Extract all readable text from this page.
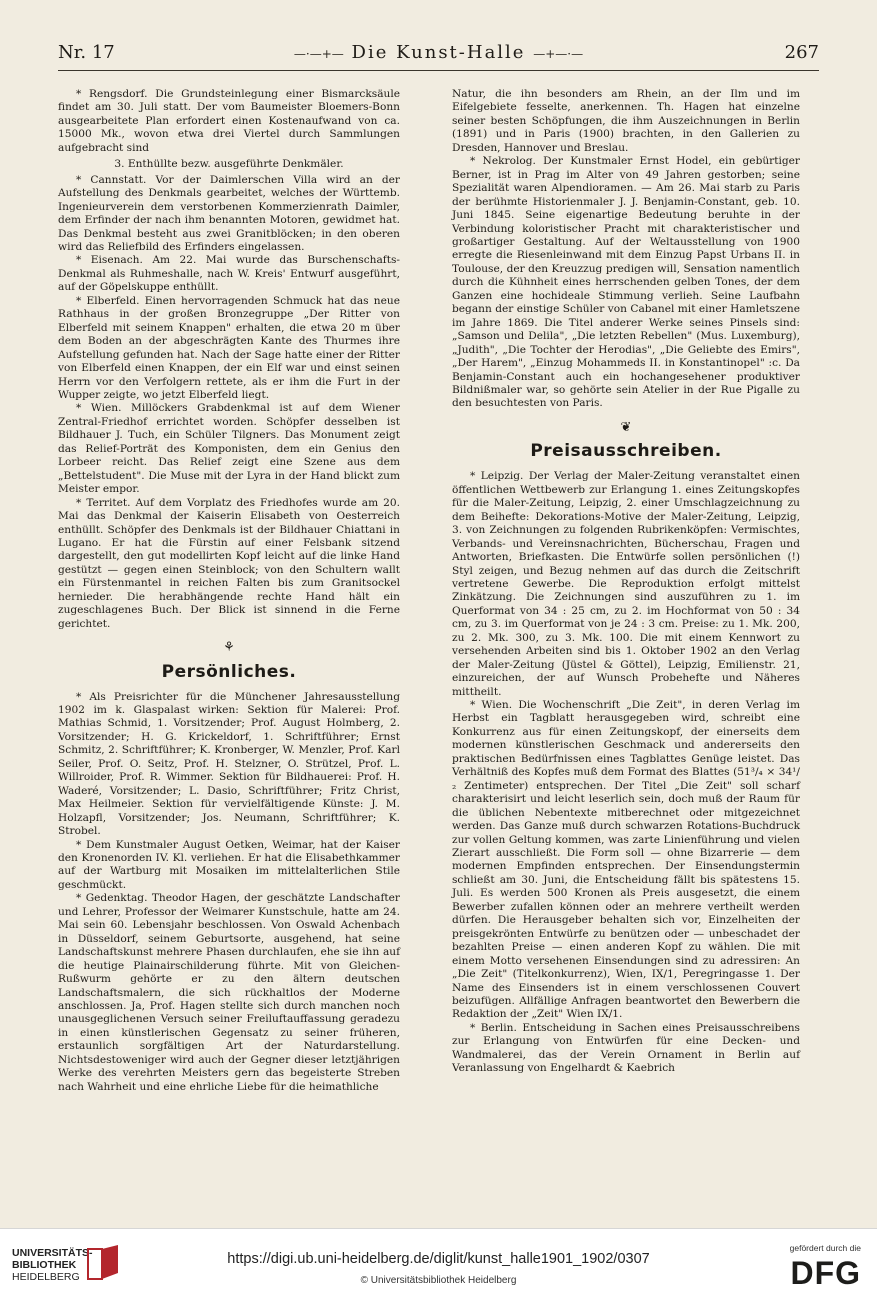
Nr. 17	—·—+— Die Kunst-Halle —+—·—	267

* Rengsdorf. Die Grundsteinlegung einer Bismarcksäule findet am 30. Juli statt. Der vom Baumeister Bloemers-Bonn ausgearbeitete Plan erfordert einen Kostenaufwand von ca. 15000 Mk., wovon etwa drei Viertel durch Sammlungen aufgebracht sind

3. Enthüllte bezw. ausgeführte Denkmäler.

* Cannstatt. Vor der Daimlerschen Villa wird an der Aufstellung des Denkmals gearbeitet, welches der Württemb. Ingenieurverein dem verstorbenen Kommerzienrath Daimler, dem Erfinder der nach ihm benannten Motoren, gewidmet hat. Das Denkmal besteht aus zwei Granitblöcken; in den oberen wird das Reliefbild des Erfinders eingelassen.

* Eisenach. Am 22. Mai wurde das Burschenschafts-Denkmal als Ruhmeshalle, nach W. Kreis' Entwurf ausgeführt, auf der Göpelskuppe enthüllt.

* Elberfeld. Einen hervorragenden Schmuck hat das neue Rathhaus in der großen Bronzegruppe „Der Ritter von Elberfeld mit seinem Knappen" erhalten, die etwa 20 m über dem Boden an der abgeschrägten Kante des Thurmes ihre Aufstellung gefunden hat. Nach der Sage hatte einer der Ritter von Elberfeld einen Knappen, der ein Elf war und einst seinen Herrn vor den Verfolgern rettete, als er ihm die Furt in der Wupper zeigte, wo jetzt Elberfeld liegt.

* Wien. Millöckers Grabdenkmal ist auf dem Wiener Zentral-Friedhof errichtet worden. Schöpfer desselben ist Bildhauer J. Tuch, ein Schüler Tilgners. Das Monument zeigt das Relief-Porträt des Komponisten, dem ein Genius den Lorbeer reicht. Das Relief zeigt eine Szene aus dem „Bettelstudent". Die Muse mit der Lyra in der Hand blickt zum Meister empor.

* Territet. Auf dem Vorplatz des Friedhofes wurde am 20. Mai das Denkmal der Kaiserin Elisabeth von Oesterreich enthüllt. Schöpfer des Denkmals ist der Bildhauer Chiattani in Lugano. Er hat die Fürstin auf einer Felsbank sitzend dargestellt, den gut modellirten Kopf leicht auf die linke Hand gestützt — gegen einen Steinblock; von den Schultern wallt ein Fürstenmantel in reichen Falten bis zum Granitsockel hernieder. Die herabhängende rechte Hand hält ein zugeschlagenes Buch. Der Blick ist sinnend in die Ferne gerichtet.

⚘

Persönliches.

* Als Preisrichter für die Münchener Jahresausstellung 1902 im k. Glaspalast wirken: Sektion für Malerei: Prof. Mathias Schmid, 1. Vorsitzender; Prof. August Holmberg, 2. Vorsitzender; H. G. Krickeldorf, 1. Schriftführer; Ernst Schmitz, 2. Schriftführer; K. Kronberger, W. Menzler, Prof. Karl Seiler, Prof. O. Seitz, Prof. H. Stelzner, O. Strützel, Prof. L. Willroider, Prof. R. Wimmer. Sektion für Bildhauerei: Prof. H. Waderé, Vorsitzender; L. Dasio, Schriftführer; Fritz Christ, Max Heilmeier. Sektion für vervielfältigende Künste: J. M. Holzapfl, Vorsitzender; Jos. Neumann, Schriftführer; K. Strobel.

* Dem Kunstmaler August Oetken, Weimar, hat der Kaiser den Kronenorden IV. Kl. verliehen. Er hat die Elisabethkammer auf der Wartburg mit Mosaiken im mittelalterlichen Stile geschmückt.

* Gedenktag. Theodor Hagen, der geschätzte Landschafter und Lehrer, Professor der Weimarer Kunstschule, hatte am 24. Mai sein 60. Lebensjahr beschlossen. Von Oswald Achenbach in Düsseldorf, seinem Geburtsorte, ausgehend, hat seine Landschaftskunst mehrere Phasen durchlaufen, ehe sie ihn auf die heutige Plainairschilderung führte. Mit von Gleichen-Rußwurm gehörte er zu den ältern deutschen Landschaftsmalern, die sich rückhaltlos der Moderne anschlossen. Ja, Prof. Hagen stellte sich durch manchen noch unausgeglichenen Versuch seiner Freiluftauffassung geradezu in einen künstlerischen Gegensatz zu seiner früheren, erstaunlich sorgfältigen Art der Naturdarstellung. Nichtsdestoweniger wird auch der Gegner dieser letztjährigen Werke des verehrten Meisters gern das begeisterte Streben nach Wahrheit und eine ehrliche Liebe für die heimathliche

Natur, die ihn besonders am Rhein, an der Ilm und im Eifelgebiete fesselte, anerkennen. Th. Hagen hat einzelne seiner besten Schöpfungen, die ihm Auszeichnungen in Berlin (1891) und in Paris (1900) brachten, in den Gallerien zu Dresden, Hannover und Breslau.

* Nekrolog. Der Kunstmaler Ernst Hodel, ein gebürtiger Berner, ist in Prag im Alter von 49 Jahren gestorben; seine Spezialität waren Alpendioramen. — Am 26. Mai starb zu Paris der berühmte Historienmaler J. J. Benjamin-Constant, geb. 10. Juni 1845. Seine eigenartige Bedeutung beruhte in der Verbindung koloristischer Pracht mit charakteristischer und großartiger Gestaltung. Auf der Weltausstellung von 1900 erregte die Riesenleinwand mit dem Einzug Papst Urbans II. in Toulouse, der den Kreuzzug predigen will, Sensation namentlich durch die Kühnheit eines herrschenden gelben Tones, der dem Ganzen eine hochideale Stimmung verlieh. Seine Laufbahn begann der einstige Schüler von Cabanel mit einer Hamletszene im Jahre 1869. Die Titel anderer Werke seines Pinsels sind: „Samson und Delila", „Die letzten Rebellen" (Mus. Luxemburg), „Judith", „Die Tochter der Herodias", „Die Geliebte des Emirs", „Der Harem", „Einzug Mohammeds II. in Konstantinopel" :c. Da Benjamin-Constant auch ein hochangesehener produktiver Bildnißmaler war, so gehörte sein Atelier in der Rue Pigalle zu den besuchtesten von Paris.

❦

Preisausschreiben.

* Leipzig. Der Verlag der Maler-Zeitung veranstaltet einen öffentlichen Wettbewerb zur Erlangung 1. eines Zeitungskopfes für die Maler-Zeitung, Leipzig, 2. einer Umschlagzeichnung zu dem Beihefte: Dekorations-Motive der Maler-Zeitung, Leipzig, 3. von Zeichnungen zu folgenden Rubrikenköpfen: Vermischtes, Verbands- und Vereinsnachrichten, Bücherschau, Fragen und Antworten, Briefkasten. Die Entwürfe sollen persönlichen (!) Styl zeigen, und Bezug nehmen auf das durch die Zeitschrift vertretene Gewerbe. Die Reproduktion erfolgt mittelst Zinkätzung. Die Zeichnungen sind auszuführen zu 1. im Querformat von 34 : 25 cm, zu 2. im Hochformat von 50 : 34 cm, zu 3. im Querformat von je 24 : 3 cm. Preise: zu 1. Mk. 200, zu 2. Mk. 300, zu 3. Mk. 100. Die mit einem Kennwort zu versehenden Arbeiten sind bis 1. Oktober 1902 an den Verlag der Maler-Zeitung (Jüstel & Göttel), Leipzig, Emilienstr. 21, einzureichen, der auf Wunsch Probehefte und Näheres mittheilt.

* Wien. Die Wochenschrift „Die Zeit", in deren Verlag im Herbst ein Tagblatt herausgegeben wird, schreibt eine Konkurrenz aus für einen Zeitungskopf, der einerseits dem modernen künstlerischen Geschmack und andererseits den praktischen Bedürfnissen eines Tagblattes Genüge leistet. Das Verhältniß des Kopfes muß dem Format des Blattes (51³/₄ × 34¹/₂ Zentimeter) entsprechen. Der Titel „Die Zeit" soll scharf charakterisirt und leicht leserlich sein, doch muß der Raum für die üblichen Nebentexte mitberechnet oder mitgezeichnet werden. Das Ganze muß durch schwarzen Rotations-Buchdruck zur vollen Geltung kommen, was zarte Linienführung und vielen Zierart ausschließt. Die Form soll — ohne Bizarrerie — dem modernen Empfinden entsprechen. Der Einsendungstermin schließt am 30. Juni, die Entscheidung fällt bis spätestens 15. Juli. Es werden 500 Kronen als Preis ausgesetzt, die einem Bewerber zufallen können oder an mehrere vertheilt werden dürfen. Die Herausgeber behalten sich vor, Einzelheiten der preisgekrönten Entwürfe zu benützen oder — unbeschadet der bezahlten Preise — einen anderen Kopf zu wählen. Die mit einem Motto versehenen Einsendungen sind zu adressiren: An „Die Zeit" (Titelkonkurrenz), Wien, IX/1, Peregringasse 1. Der Name des Einsenders ist in einem verschlossenen Couvert beizufügen. Allfällige Anfragen beantwortet den Bewerbern die Redaktion der „Zeit" Wien IX/1.

* Berlin. Entscheidung in Sachen eines Preisausschreibens zur Erlangung von Entwürfen für eine Decken- und Wandmalerei, das der Verein Ornament in Berlin auf Veranlassung von Engelhardt & Kaebrich

UNIVERSITÄTS-
BIBLIOTHEK
HEIDELBERG
https://digi.ub.uni-heidelberg.de/diglit/kunst_halle1901_1902/0307
© Universitätsbibliothek Heidelberg
gefördert durch die
DFG
